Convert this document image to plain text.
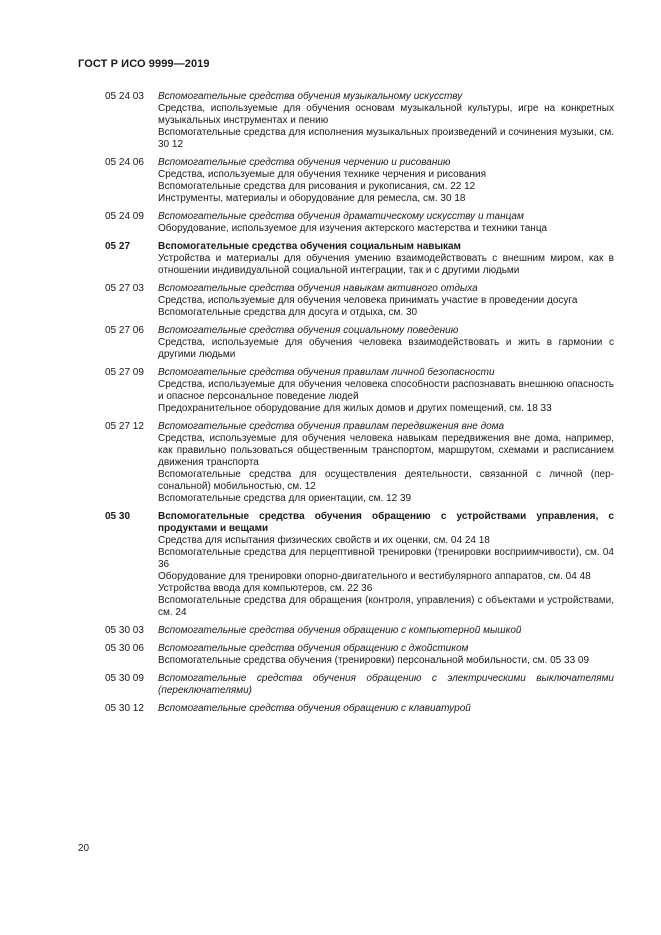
ГОСТ Р ИСО 9999—2019
05 24 03	Вспомогательные средства обучения музыкальному искусству
Средства, используемые для обучения основам музыкальной культуры, игре на конкретных музыкальных инструментах и пению
Вспомогательные средства для исполнения музыкальных произведений и сочинения музыки, см. 30 12
05 24 06	Вспомогательные средства обучения черчению и рисованию
Средства, используемые для обучения технике черчения и рисования
Вспомогательные средства для рисования и рукописания, см. 22 12
Инструменты, материалы и оборудование для ремесла, см. 30 18
05 24 09	Вспомогательные средства обучения драматическому искусству и танцам
Оборудование, используемое для изучения актерского мастерства и техники танца
05 27	Вспомогательные средства обучения социальным навыкам
Устройства и материалы для обучения умению взаимодействовать с внешним миром, как в отношении индивидуальной социальной интеграции, так и с другими людьми
05 27 03	Вспомогательные средства обучения навыкам активного отдыха
Средства, используемые для обучения человека принимать участие в проведении досуга
Вспомогательные средства для досуга и отдыха, см. 30
05 27 06	Вспомогательные средства обучения социальному поведению
Средства, используемые для обучения человека взаимодействовать и жить в гармонии с другими людьми
05 27 09	Вспомогательные средства обучения правилам личной безопасности
Средства, используемые для обучения человека способности распознавать внешнюю опасность и опасное персональное поведение людей
Предохранительное оборудование для жилых домов и других помещений, см. 18 33
05 27 12	Вспомогательные средства обучения правилам передвижения вне дома
Средства, используемые для обучения человека навыкам передвижения вне дома, например, как правильно пользоваться общественным транспортом, маршрутом, схемами и расписанием движения транспорта
Вспомогательные средства для осуществления деятельности, связанной с личной (персональной) мобильностью, см. 12
Вспомогательные средства для ориентации, см. 12 39
05 30	Вспомогательные средства обучения обращению с устройствами управления, с продуктами и вещами
Средства для испытания физических свойств и их оценки, см. 04 24 18
Вспомогательные средства для перцептивной тренировки (тренировки восприимчивости), см. 04 36
Оборудование для тренировки опорно-двигательного и вестибулярного аппаратов, см. 04 48
Устройства ввода для компьютеров, см. 22 36
Вспомогательные средства для обращения (контроля, управления) с объектами и устройствами, см. 24
05 30 03	Вспомогательные средства обучения обращению с компьютерной мышкой
05 30 06	Вспомогательные средства обучения обращению с джойстиком
Вспомогательные средства обучения (тренировки) персональной мобильности, см. 05 33 09
05 30 09	Вспомогательные средства обучения обращению с электрическими выключателями (переключателями)
05 30 12	Вспомогательные средства обучения обращению с клавиатурой
20
